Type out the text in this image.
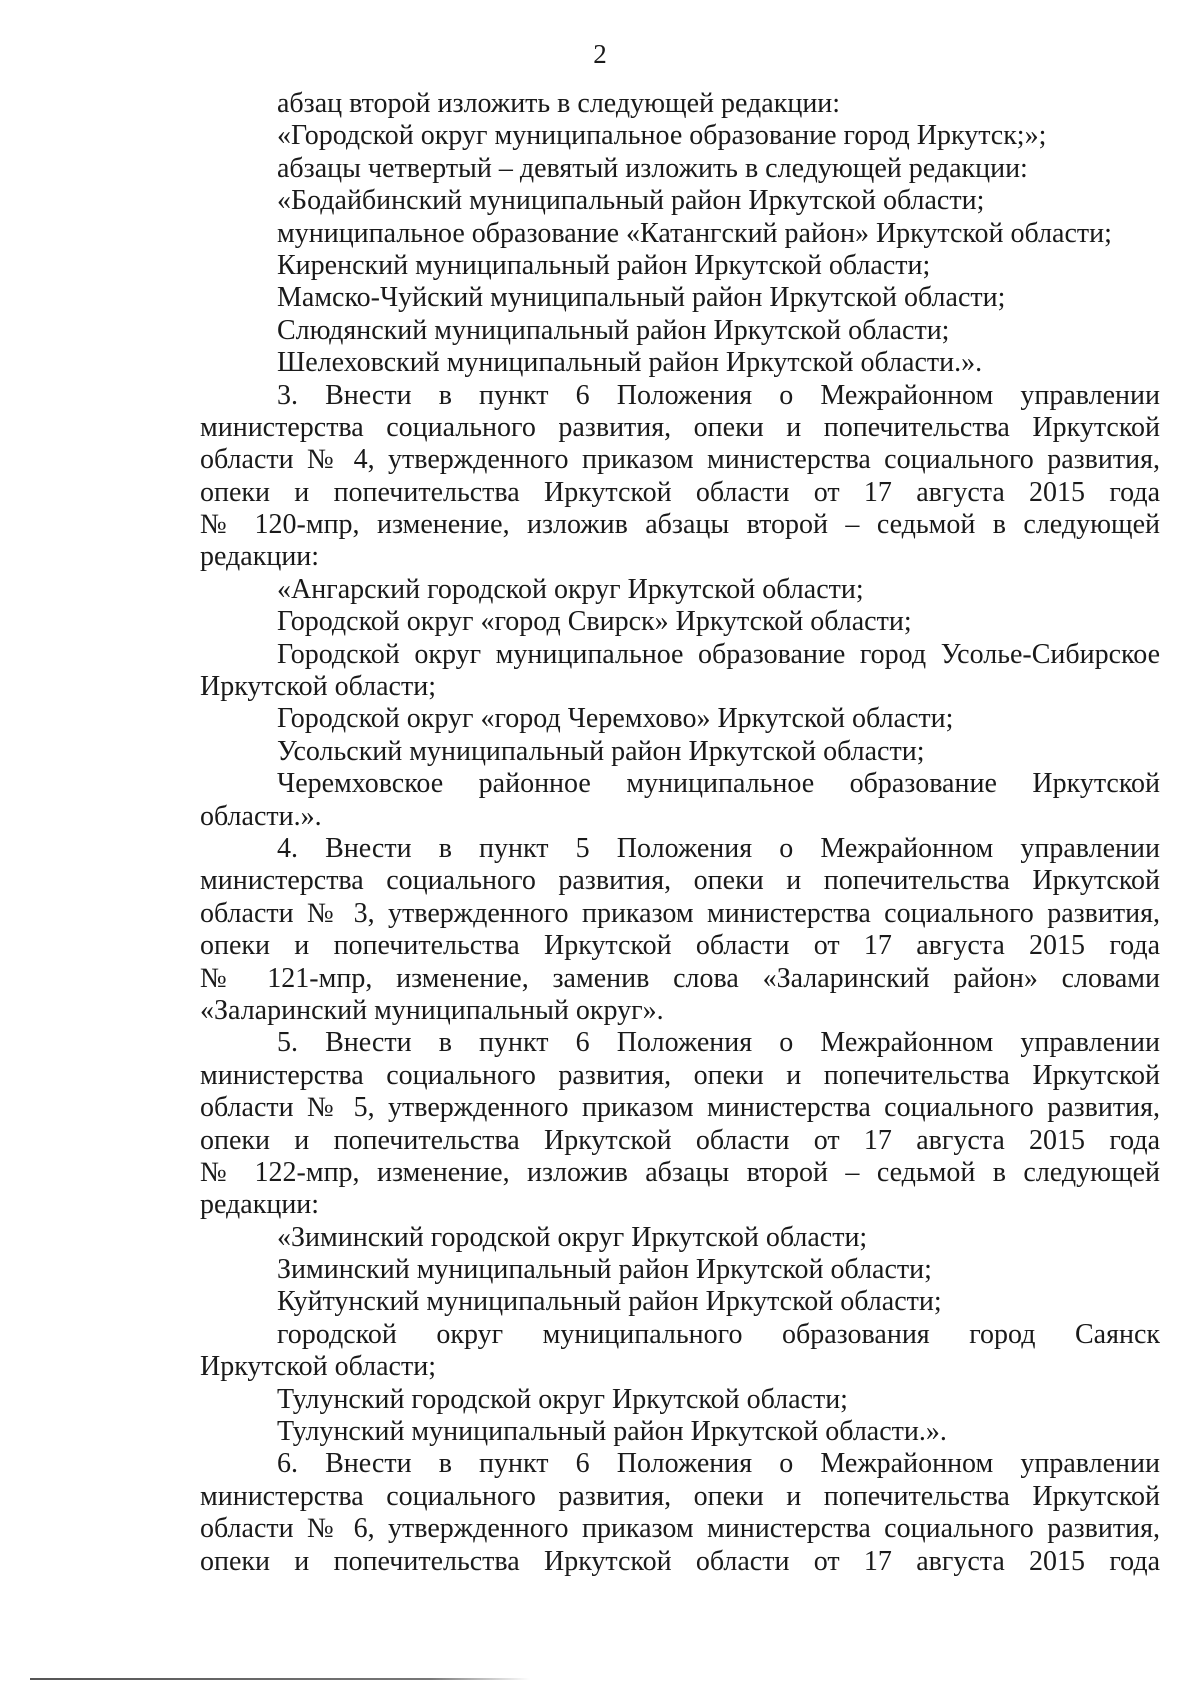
2
абзац второй изложить в следующей редакции:
«Городской округ муниципальное образование город Иркутск;»;
абзацы четвертый – девятый изложить в следующей редакции:
«Бодайбинский муниципальный район Иркутской области;
муниципальное образование «Катангский район» Иркутской области;
Киренский муниципальный район Иркутской области;
Мамско-Чуйский муниципальный район Иркутской области;
Слюдянский муниципальный район Иркутской области;
Шелеховский муниципальный район Иркутской области.».
3. Внести в пункт 6 Положения о Межрайонном управлении
министерства социального развития, опеки и попечительства Иркутской
области № 4, утвержденного приказом министерства социального развития,
опеки и попечительства Иркутской области от 17 августа 2015 года
№ 120-мпр, изменение, изложив абзацы второй – седьмой в следующей
редакции:
«Ангарский городской округ Иркутской области;
Городской округ «город Свирск» Иркутской области;
Городской округ муниципальное образование город Усолье-Сибирское
Иркутской области;
Городской округ «город Черемхово» Иркутской области;
Усольский муниципальный район Иркутской области;
Черемховское районное муниципальное образование Иркутской
области.».
4. Внести в пункт 5 Положения о Межрайонном управлении
министерства социального развития, опеки и попечительства Иркутской
области № 3, утвержденного приказом министерства социального развития,
опеки и попечительства Иркутской области от 17 августа 2015 года
№ 121-мпр, изменение, заменив слова «Заларинский район» словами
«Заларинский муниципальный округ».
5. Внести в пункт 6 Положения о Межрайонном управлении
министерства социального развития, опеки и попечительства Иркутской
области № 5, утвержденного приказом министерства социального развития,
опеки и попечительства Иркутской области от 17 августа 2015 года
№ 122-мпр, изменение, изложив абзацы второй – седьмой в следующей
редакции:
«Зиминский городской округ Иркутской области;
Зиминский муниципальный район Иркутской области;
Куйтунский муниципальный район Иркутской области;
городской округ муниципального образования город Саянск
Иркутской области;
Тулунский городской округ Иркутской области;
Тулунский муниципальный район Иркутской области.».
6. Внести в пункт 6 Положения о Межрайонном управлении
министерства социального развития, опеки и попечительства Иркутской
области № 6, утвержденного приказом министерства социального развития,
опеки и попечительства Иркутской области от 17 августа 2015 года
